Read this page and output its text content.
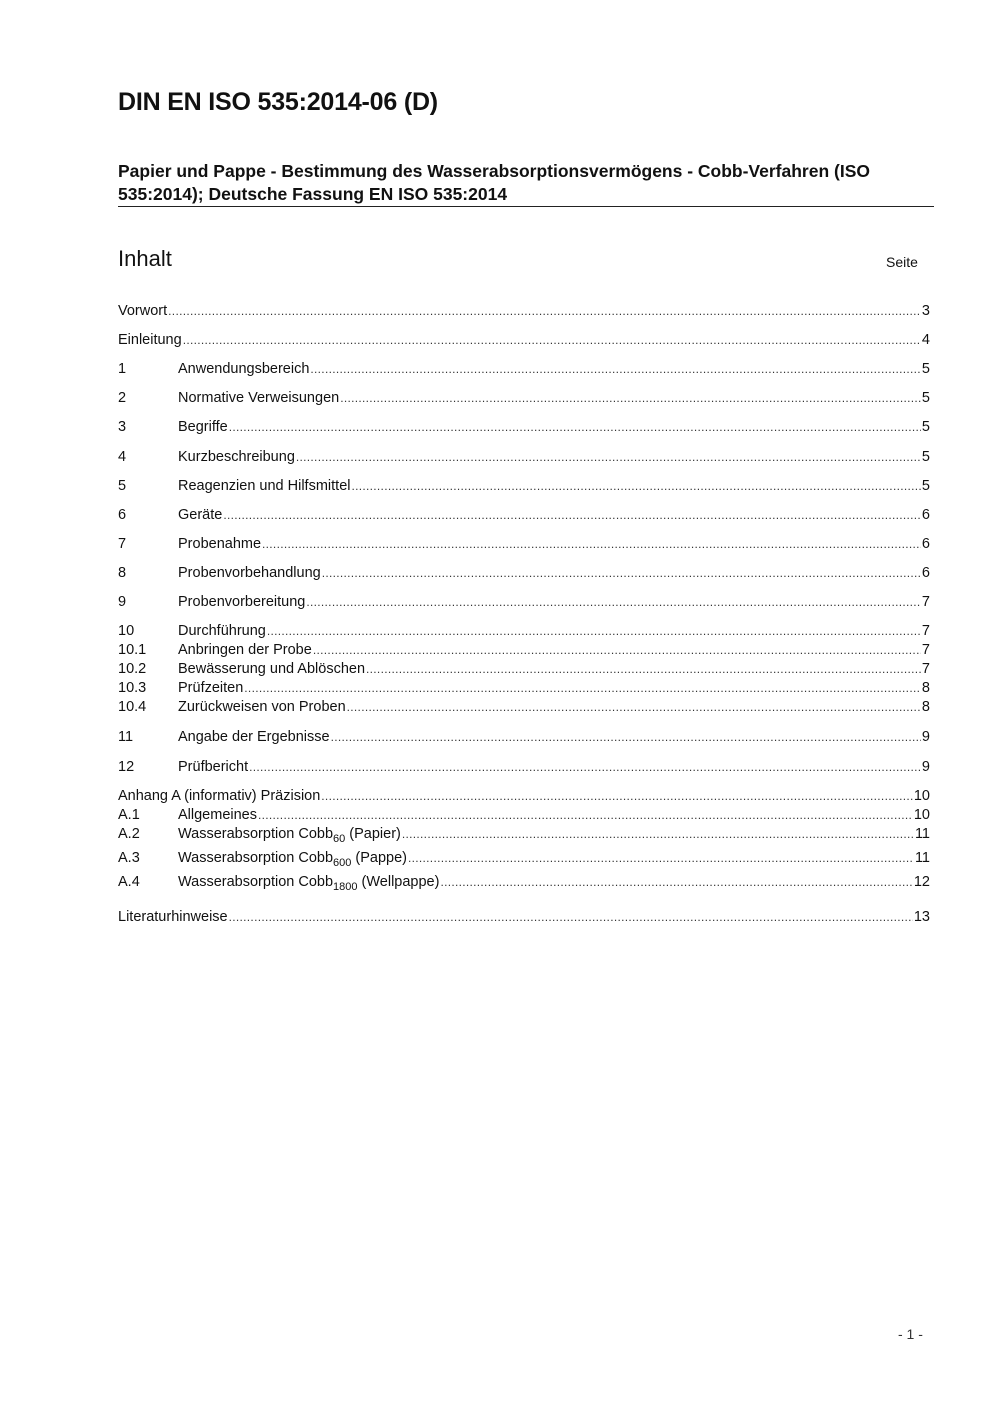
DIN EN ISO 535:2014-06 (D)

Papier und Pappe - Bestimmung des Wasserabsorptionsvermögens - Cobb-Verfahren (ISO 535:2014); Deutsche Fassung EN ISO 535:2014

Inhalt	Seite
Vorwort .....	3
Einleitung .....	4
1	Anwendungsbereich .....	5
2	Normative Verweisungen .....	5
3	Begriffe .....	5
4	Kurzbeschreibung .....	5
5	Reagenzien und Hilfsmittel .....	5
6	Geräte .....	6
7	Probenahme .....	6
8	Probenvorbehandlung .....	6
9	Probenvorbereitung .....	7
10	Durchführung .....	7
10.1	Anbringen der Probe .....	7
10.2	Bewässerung und Ablöschen .....	7
10.3	Prüfzeiten .....	8
10.4	Zurückweisen von Proben .....	8
11	Angabe der Ergebnisse .....	9
12	Prüfbericht .....	9
Anhang A (informativ) Präzision .....	10
A.1	Allgemeines .....	10
A.2	Wasserabsorption Cobb$_{60}$ (Papier) .....	11
A.3	Wasserabsorption Cobb$_{600}$ (Pappe) .....	11
A.4	Wasserabsorption Cobb$_{1800}$ (Wellpappe) .....	12
Literaturhinweise .....	13
- 1 -
